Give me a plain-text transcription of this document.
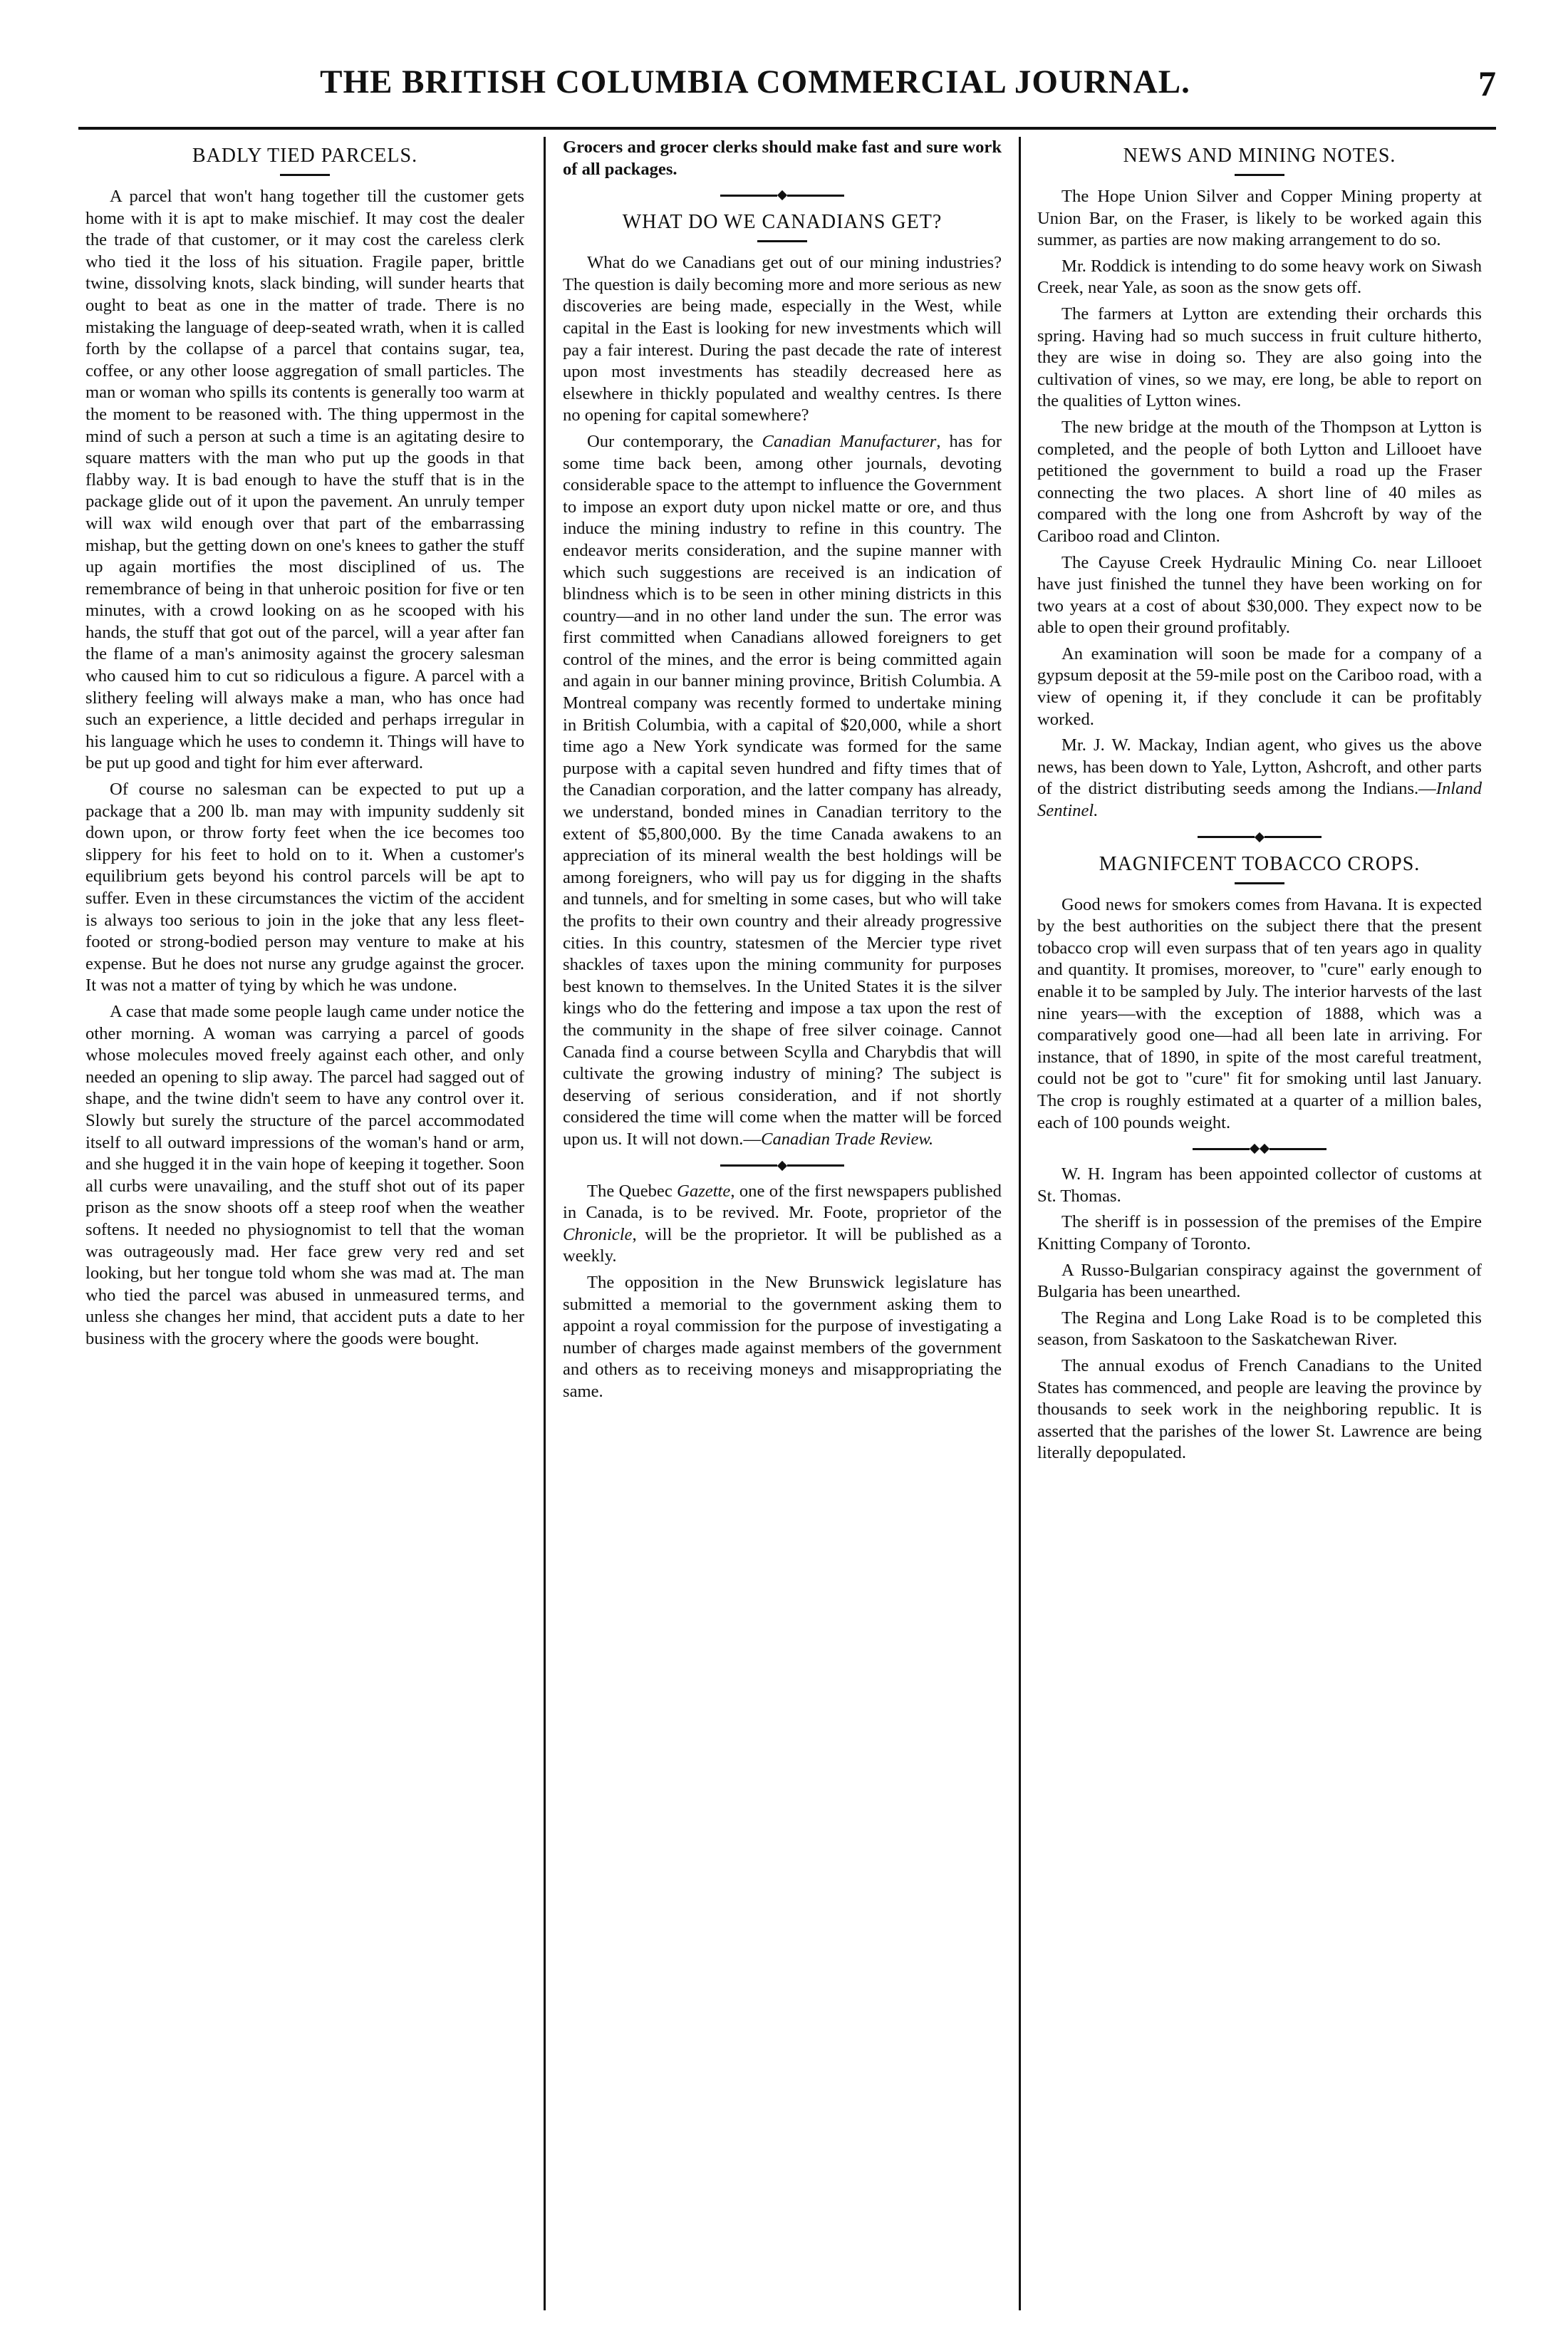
THE BRITISH COLUMBIA COMMERCIAL JOURNAL.	7
BADLY TIED PARCELS.

A parcel that won't hang together till the customer gets home with it is apt to make mischief. It may cost the dealer the trade of that customer, or it may cost the careless clerk who tied it the loss of his situation. Fragile paper, brittle twine, dissolving knots, slack binding, will sunder hearts that ought to beat as one in the matter of trade. There is no mistaking the language of deep-seated wrath, when it is called forth by the collapse of a parcel that contains sugar, tea, coffee, or any other loose aggregation of small particles. The man or woman who spills its contents is generally too warm at the moment to be reasoned with. The thing uppermost in the mind of such a person at such a time is an agitating desire to square matters with the man who put up the goods in that flabby way. It is bad enough to have the stuff that is in the package glide out of it upon the pavement. An unruly temper will wax wild enough over that part of the embarrassing mishap, but the getting down on one's knees to gather the stuff up again mortifies the most disciplined of us. The remembrance of being in that unheroic position for five or ten minutes, with a crowd looking on as he scooped with his hands, the stuff that got out of the parcel, will a year after fan the flame of a man's animosity against the grocery salesman who caused him to cut so ridiculous a figure. A parcel with a slithery feeling will always make a man, who has once had such an experience, a little decided and perhaps irregular in his language which he uses to condemn it. Things will have to be put up good and tight for him ever afterward.

Of course no salesman can be expected to put up a package that a 200 lb. man may with impunity suddenly sit down upon, or throw forty feet when the ice becomes too slippery for his feet to hold on to it. When a customer's equilibrium gets beyond his control parcels will be apt to suffer. Even in these circumstances the victim of the accident is always too serious to join in the joke that any less fleet-footed or strong-bodied person may venture to make at his expense. But he does not nurse any grudge against the grocer. It was not a matter of tying by which he was undone.

A case that made some people laugh came under notice the other morning. A woman was carrying a parcel of goods whose molecules moved freely against each other, and only needed an opening to slip away. The parcel had sagged out of shape, and the twine didn't seem to have any control over it. Slowly but surely the structure of the parcel accommodated itself to all outward impressions of the woman's hand or arm, and she hugged it in the vain hope of keeping it together. Soon all curbs were unavailing, and the stuff shot out of its paper prison as the snow shoots off a steep roof when the weather softens. It needed no physiognomist to tell that the woman was outrageously mad. Her face grew very red and set looking, but her tongue told whom she was mad at. The man who tied the parcel was abused in unmeasured terms, and unless she changes her mind, that accident puts a date to her business with the grocery where the goods were bought.

Grocers and grocer clerks should make fast and sure work of all packages.

WHAT DO WE CANADIANS GET?

What do we Canadians get out of our mining industries? The question is daily becoming more and more serious as new discoveries are being made, especially in the West, while capital in the East is looking for new investments which will pay a fair interest. During the past decade the rate of interest upon most investments has steadily decreased here as elsewhere in thickly populated and wealthy centres. Is there no opening for capital somewhere?

Our contemporary, the Canadian Manufacturer, has for some time back been, among other journals, devoting considerable space to the attempt to influence the Government to impose an export duty upon nickel matte or ore, and thus induce the mining industry to refine in this country. The endeavor merits consideration, and the supine manner with which such suggestions are received is an indication of blindness which is to be seen in other mining districts in this country—and in no other land under the sun. The error was first committed when Canadians allowed foreigners to get control of the mines, and the error is being committed again and again in our banner mining province, British Columbia. A Montreal company was recently formed to undertake mining in British Columbia, with a capital of $20,000, while a short time ago a New York syndicate was formed for the same purpose with a capital seven hundred and fifty times that of the Canadian corporation, and the latter company has already, we understand, bonded mines in Canadian territory to the extent of $5,800,000. By the time Canada awakens to an appreciation of its mineral wealth the best holdings will be among foreigners, who will pay us for digging in the shafts and tunnels, and for smelting in some cases, but who will take the profits to their own country and their already progressive cities. In this country, statesmen of the Mercier type rivet shackles of taxes upon the mining community for purposes best known to themselves. In the United States it is the silver kings who do the fettering and impose a tax upon the rest of the community in the shape of free silver coinage. Cannot Canada find a course between Scylla and Charybdis that will cultivate the growing industry of mining? The subject is deserving of serious consideration, and if not shortly considered the time will come when the matter will be forced upon us. It will not down.—Canadian Trade Review.

The Quebec Gazette, one of the first newspapers published in Canada, is to be revived. Mr. Foote, proprietor of the Chronicle, will be the proprietor. It will be published as a weekly.

The opposition in the New Brunswick legislature has submitted a memorial to the government asking them to appoint a royal commission for the purpose of investigating a number of charges made against members of the government and others as to receiving moneys and misappropriating the same.

NEWS AND MINING NOTES.

The Hope Union Silver and Copper Mining property at Union Bar, on the Fraser, is likely to be worked again this summer, as parties are now making arrangement to do so.

Mr. Roddick is intending to do some heavy work on Siwash Creek, near Yale, as soon as the snow gets off.

The farmers at Lytton are extending their orchards this spring. Having had so much success in fruit culture hitherto, they are wise in doing so. They are also going into the cultivation of vines, so we may, ere long, be able to report on the qualities of Lytton wines.

The new bridge at the mouth of the Thompson at Lytton is completed, and the people of both Lytton and Lillooet have petitioned the government to build a road up the Fraser connecting the two places. A short line of 40 miles as compared with the long one from Ashcroft by way of the Cariboo road and Clinton.

The Cayuse Creek Hydraulic Mining Co. near Lillooet have just finished the tunnel they have been working on for two years at a cost of about $30,000. They expect now to be able to open their ground profitably.

An examination will soon be made for a company of a gypsum deposit at the 59-mile post on the Cariboo road, with a view of opening it, if they conclude it can be profitably worked.

Mr. J. W. Mackay, Indian agent, who gives us the above news, has been down to Yale, Lytton, Ashcroft, and other parts of the district distributing seeds among the Indians.—Inland Sentinel.

MAGNIFCENT TOBACCO CROPS.

Good news for smokers comes from Havana. It is expected by the best authorities on the subject there that the present tobacco crop will even surpass that of ten years ago in quality and quantity. It promises, moreover, to "cure" early enough to enable it to be sampled by July. The interior harvests of the last nine years—with the exception of 1888, which was a comparatively good one—had all been late in arriving. For instance, that of 1890, in spite of the most careful treatment, could not be got to "cure" fit for smoking until last January. The crop is roughly estimated at a quarter of a million bales, each of 100 pounds weight.

W. H. Ingram has been appointed collector of customs at St. Thomas.

The sheriff is in possession of the premises of the Empire Knitting Company of Toronto.

A Russo-Bulgarian conspiracy against the government of Bulgaria has been unearthed.

The Regina and Long Lake Road is to be completed this season, from Saskatoon to the Saskatchewan River.

The annual exodus of French Canadians to the United States has commenced, and people are leaving the province by thousands to seek work in the neighboring republic. It is asserted that the parishes of the lower St. Lawrence are being literally depopulated.
